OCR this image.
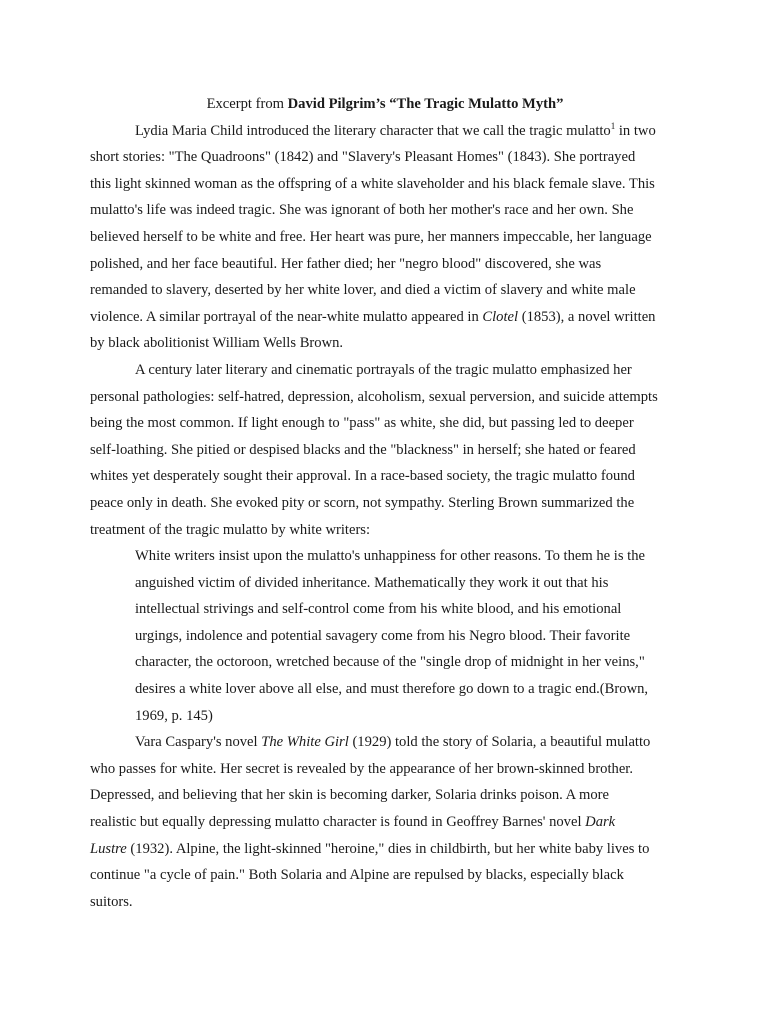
Excerpt from David Pilgrim’s “The Tragic Mulatto Myth”
Lydia Maria Child introduced the literary character that we call the tragic mulatto$^1$ in two
short stories: "The Quadroons" (1842) and "Slavery's Pleasant Homes" (1843). She portrayed
this light skinned woman as the offspring of a white slaveholder and his black female slave. This
mulatto's life was indeed tragic. She was ignorant of both her mother's race and her own. She
believed herself to be white and free. Her heart was pure, her manners impeccable, her language
polished, and her face beautiful. Her father died; her "negro blood" discovered, she was
remanded to slavery, deserted by her white lover, and died a victim of slavery and white male
violence. A similar portrayal of the near-white mulatto appeared in Clotel (1853), a novel written
by black abolitionist William Wells Brown.
A century later literary and cinematic portrayals of the tragic mulatto emphasized her
personal pathologies: self-hatred, depression, alcoholism, sexual perversion, and suicide attempts
being the most common. If light enough to "pass" as white, she did, but passing led to deeper
self-loathing. She pitied or despised blacks and the "blackness" in herself; she hated or feared
whites yet desperately sought their approval. In a race-based society, the tragic mulatto found
peace only in death. She evoked pity or scorn, not sympathy. Sterling Brown summarized the
treatment of the tragic mulatto by white writers:
White writers insist upon the mulatto's unhappiness for other reasons. To them he is the
anguished victim of divided inheritance. Mathematically they work it out that his
intellectual strivings and self-control come from his white blood, and his emotional
urgings, indolence and potential savagery come from his Negro blood. Their favorite
character, the octoroon, wretched because of the "single drop of midnight in her veins,"
desires a white lover above all else, and must therefore go down to a tragic end.(Brown,
1969, p. 145)
Vara Caspary's novel The White Girl (1929) told the story of Solaria, a beautiful mulatto
who passes for white. Her secret is revealed by the appearance of her brown-skinned brother.
Depressed, and believing that her skin is becoming darker, Solaria drinks poison. A more
realistic but equally depressing mulatto character is found in Geoffrey Barnes' novel Dark
Lustre (1932). Alpine, the light-skinned "heroine," dies in childbirth, but her white baby lives to
continue "a cycle of pain." Both Solaria and Alpine are repulsed by blacks, especially black
suitors.
